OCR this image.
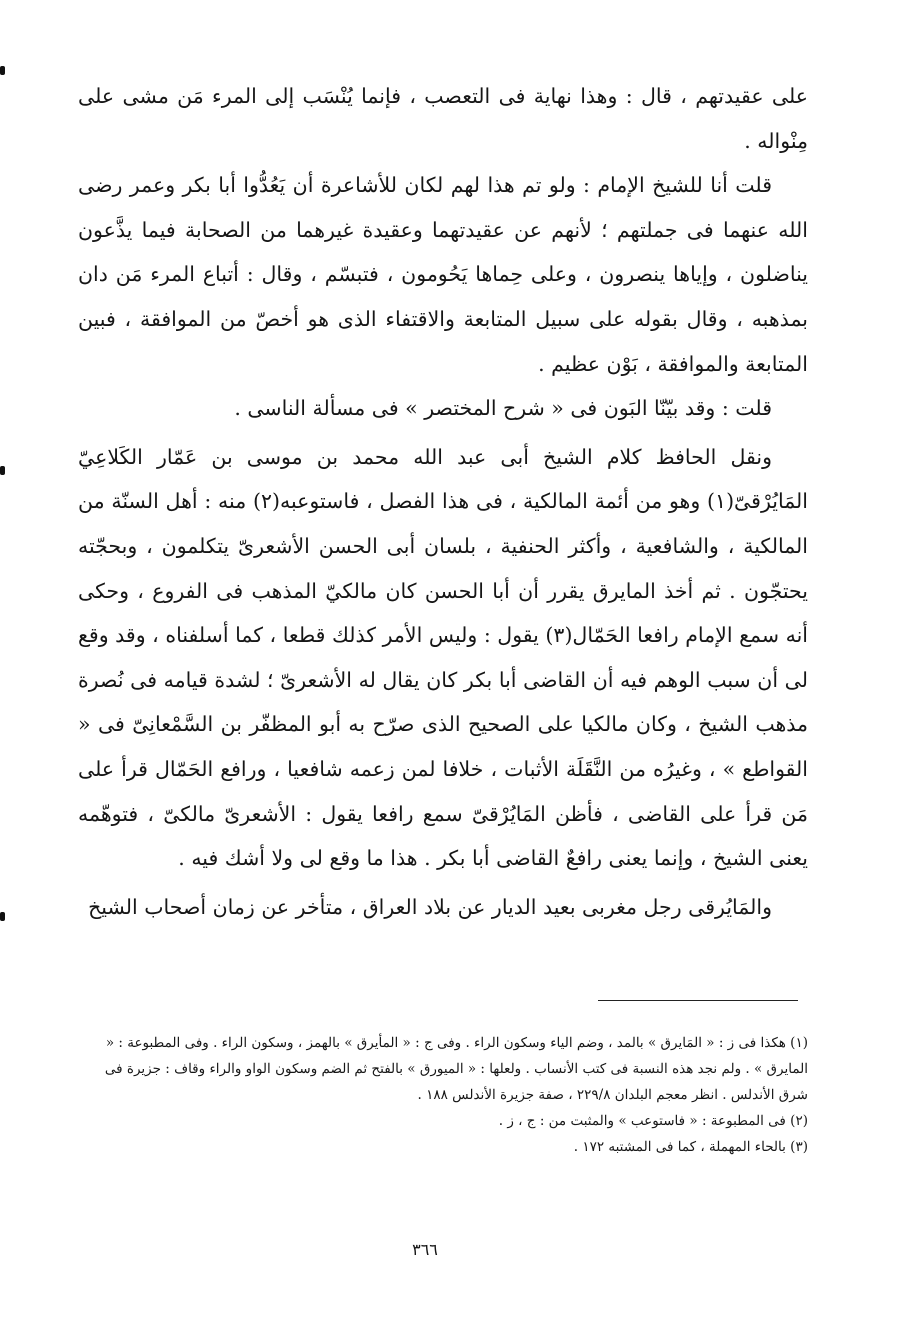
على عقيدتهم ، قال : وهذا نهاية فى التعصب ، فإنما يُنْسَب إلى المرء مَن مشى على مِنْواله .

قلت أنا للشيخ الإمام : ولو تم هذا لهم لكان للأشاعرة أن يَعُدُّوا أبا بكر وعمر رضى الله عنهما فى جملتهم ؛ لأنهم عن عقيدتهما وعقيدة غيرهما من الصحابة فيما يذَّعون يناضلون ، وإياها ينصرون ، وعلى حِماها يَحُومون ، فتبسّم ، وقال : أتباع المرء مَن دان بمذهبه ، وقال بقوله على سبيل المتابعة والاقتفاء الذى هو أخصّ من الموافقة ، فبين المتابعة والموافقة ، بَوْن عظيم .

قلت : وقد بيّنّا البَون فى « شرح المختصر » فى مسألة الناسى .

ونقل الحافظ كلام الشيخ أبى عبد الله محمد بن موسى بن عَمّار الكَلاعِيّ المَايُرْقىّ(١) وهو من أئمة المالكية ، فى هذا الفصل ، فاستوعبه(٢) منه : أهل السنّة من المالكية ، والشافعية ، وأكثر الحنفية ، بلسان أبى الحسن الأشعرىّ يتكلمون ، وبحجّته يحتجّون . ثم أخذ المايرق يقرر أن أبا الحسن كان مالكيّ المذهب فى الفروع ، وحكى أنه سمع الإمام رافعا الحَمّال(٣) يقول : وليس الأمر كذلك قطعا ، كما أسلفناه ، وقد وقع لى أن سبب الوهم فيه أن القاضى أبا بكر كان يقال له الأشعرىّ ؛ لشدة قيامه فى نُصرة مذهب الشيخ ، وكان مالكيا على الصحيح الذى صرّح به أبو المظفّر بن السَّمْعانِىّ فى « القواطع » ، وغيرُه من النَّقَلَة الأثبات ، خلافا لمن زعمه شافعيا ، ورافع الحَمّال قرأ على مَن قرأ على القاضى ، فأظن المَايُرْقىّ سمع رافعا يقول : الأشعرىّ مالكىّ ، فتوهّمه يعنى الشيخ ، وإنما يعنى رافعٌ القاضى أبا بكر . هذا ما وقع لى ولا أشك فيه .

والمَايُرقى رجل مغربى بعيد الديار عن بلاد العراق ، متأخر عن زمان أصحاب الشيخ

(١) هكذا فى ز : « المَايرق » بالمد ، وضم الياء وسكون الراء . وفى ج : « المأيرق » بالهمز ، وسكون الراء . وفى المطبوعة : « المايرق » . ولم نجد هذه النسبة فى كتب الأنساب . ولعلها : « الميورق » بالفتح ثم الضم وسكون الواو والراء وقاف : جزيرة فى شرق الأندلس . انظر معجم البلدان ٢٢٩/٨ ، صفة جزيرة الأندلس ١٨٨ .

(٢) فى المطبوعة : « فاستوعب » والمثبت من : ج ، ز .

(٣) بالحاء المهملة ، كما فى المشتبه ١٧٢ .

٣٦٦
